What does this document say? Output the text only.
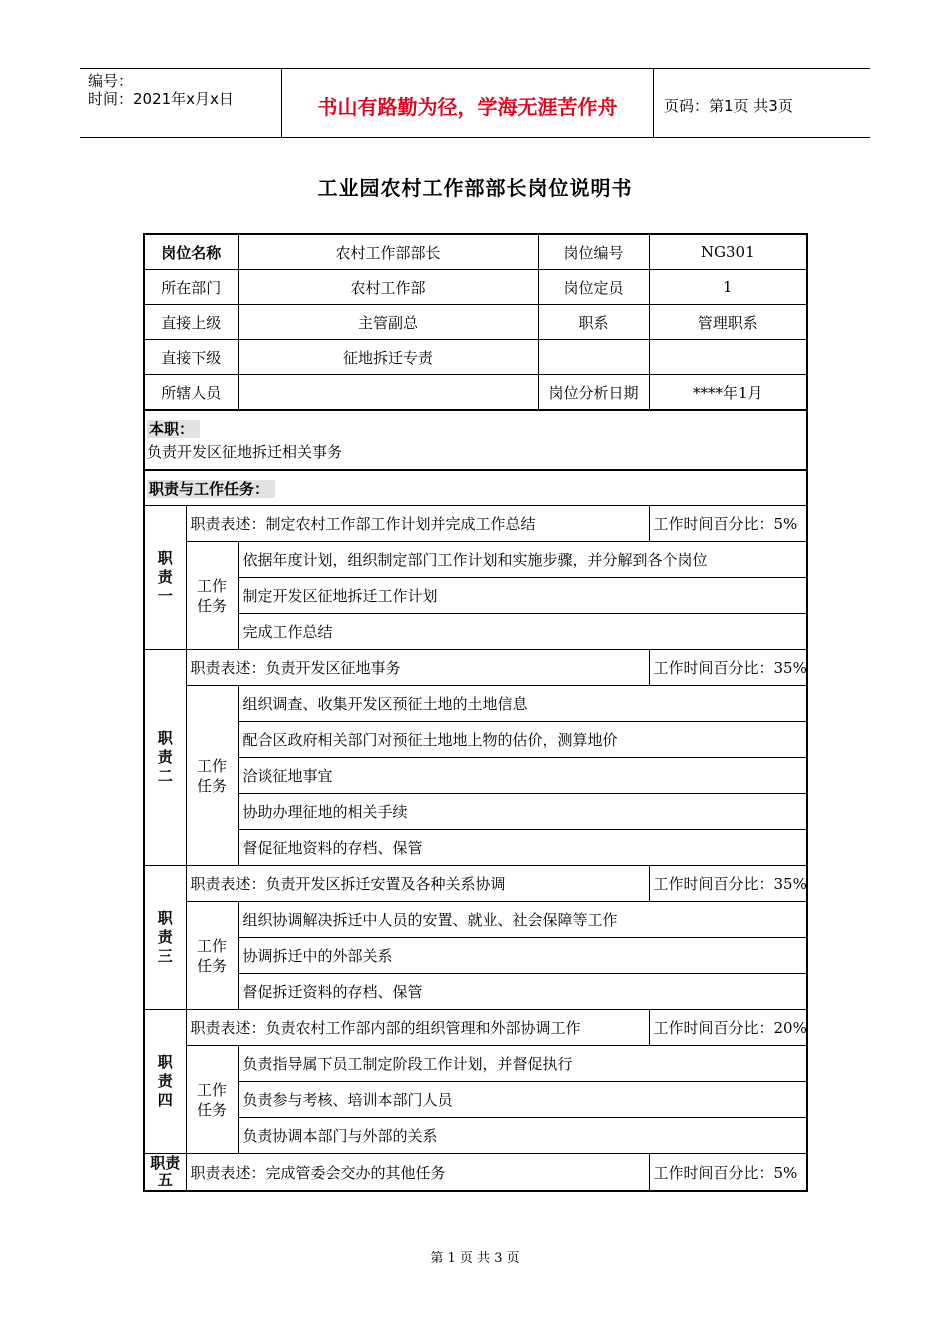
编号：
时间：2021年x月x日	书山有路勤为径，学海无涯苦作舟	页码：第1页 共3页
工业园农村工作部部长岗位说明书
岗位名称		农村工作部部长	岗位编号	NG301
所在部门		农村工作部	岗位定员	1
直接上级		主管副总	职系	管理职系
直接下级		征地拆迁专责		
所辖人员			岗位分析日期	****年1月

本职：
负责开发区征地拆迁相关事务				

职责与工作任务：				
职责一	职责表述：制定农村工作部工作计划并完成工作总结			工作时间百分比：5%
	工作任务	依据年度计划，组织制定部门工作计划和实施步骤，并分解到各个岗位		
		制定开发区征地拆迁工作计划		
		完成工作总结		
职责二	职责表述：负责开发区征地事务			工作时间百分比：35%
	工作任务	组织调查、收集开发区预征土地的土地信息		
		配合区政府相关部门对预征土地地上物的估价，测算地价		
		洽谈征地事宜		
		协助办理征地的相关手续		
		督促征地资料的存档、保管		
职责三	职责表述：负责开发区拆迁安置及各种关系协调			工作时间百分比：35%
	工作任务	组织协调解决拆迁中人员的安置、就业、社会保障等工作		
		协调拆迁中的外部关系		
		督促拆迁资料的存档、保管		
职责四	职责表述：负责农村工作部内部的组织管理和外部协调工作			工作时间百分比：20%
	工作任务	负责指导属下员工制定阶段工作计划，并督促执行		
		负责参与考核、培训本部门人员		
		负责协调本部门与外部的关系		
职责五	职责表述：完成管委会交办的其他任务			工作时间百分比：5%
第 1 页 共 3 页
